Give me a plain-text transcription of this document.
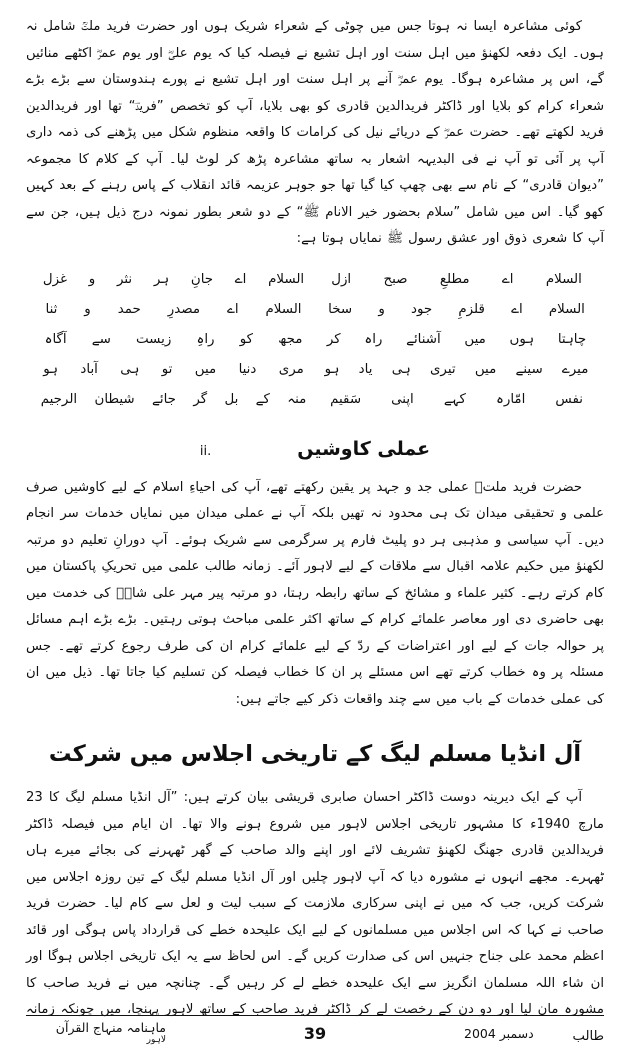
کوئی مشاعرہ ایسا نہ ہوتا جس میں چوٹی کے شعراء شریک ہوں اور حضرت فرید ملتؒ شامل نہ ہوں۔ ایک دفعہ لکھنؤ میں اہل سنت اور اہل تشیع نے فیصلہ کیا کہ یوم علیؓ اور یوم عمرؓ اکٹھے منائیں گے، اس پر مشاعرہ ہوگا۔ یوم عمرؓ آنے پر اہل سنت اور اہل تشیع نے پورے ہندوستان سے بڑے بڑے شعراء کرام کو بلایا اور ڈاکٹر فریدالدین قادری کو بھی بلایا، آپ کو تخصص ”فریدؔ“ تھا اور فریدالدین فرید لکھتے تھے۔ حضرت عمرؓ کے دریائے نیل کی کرامات کا واقعہ منظوم شکل میں پڑھنے کی ذمہ داری آپ پر آئی تو آپ نے فی البدیہہ اشعار بہ ساتھ مشاعرہ پڑھ کر لوٹ لیا۔ آپ کے کلام کا مجموعہ ”دیوان قادری“ کے نام سے بھی چھپ کیا گیا تھا جو جوہر عزیمہ قائد انقلاب کے پاس رہنے کے بعد کہیں کھو گیا۔ اس میں شامل ”سلام بحضور خیر الانام ﷺ“ کے دو شعر بطور نمونہ درج ذیل ہیں، جن سے آپ کا شعری ذوق اور عشق رسول ﷺ نمایاں ہوتا ہے:

السلام
اے
مطلعِ
صبح
ازل
السلام
اے
جانِ
ہر
نثر
و
غزل
السلام
اے
قلزمِ
جود
و
سخا
السلام
اے
مصدرِ
حمد
و
ثنا
چاہتا
ہوں
میں
آشنائے
راہ
کر
مجھ
کو
راہِ
زیست
سے
آگاہ
میرے
سینے
میں
تیری
ہی
یاد
ہو
مری
دنیا
میں
تو
ہی
آباد
ہو
نفس
امّارہ
کہے
اپنی
سَقیم
منہ
کے
بل
گر
جائے
شیطان
الرجیم
عملی کاوشیں
ii.

حضرت فرید ملتؒ عملی جد و جہد پر یقین رکھتے تھے، آپ کی احیاءِ اسلام کے لیے کاوشیں صرف علمی و تحقیقی میدان تک ہی محدود نہ تھیں بلکہ آپ نے عملی میدان میں نمایاں خدمات سر انجام دیں۔ آپ سیاسی و مذہبی ہر دو پلیٹ فارم پر سرگرمی سے شریک ہوئے۔ آپ دورانِ تعلیم دو مرتبہ لکھنؤ میں حکیم علامہ اقبال سے ملاقات کے لیے لاہور آئے۔ زمانہ طالب علمی میں تحریکِ پاکستان میں کام کرتے رہے۔ کثیر علماء و مشائخ کے ساتھ رابطہ رہتا، دو مرتبہ پیر مہر علی شاہؒ کی خدمت میں بھی حاضری دی اور معاصر علمائے کرام کے ساتھ اکثر علمی مباحث ہوتی رہتیں۔ بڑے بڑے اہم مسائل پر حوالہ جات کے لیے اور اعتراضات کے ردّ کے لیے علمائے کرام ان کی طرف رجوع کرتے تھے۔ جس مسئلہ پر وہ خطاب کرتے تھے اس مسئلے پر ان کا خطاب فیصلہ کن تسلیم کیا جاتا تھا۔ ذیل میں ان کی عملی خدمات کے باب میں سے چند واقعات ذکر کیے جاتے ہیں:

آل انڈیا مسلم لیگ کے تاریخی اجلاس میں شرکت

آپ کے ایک دیرینہ دوست ڈاکٹر احسان صابری قریشی بیان کرتے ہیں: ”آل انڈیا مسلم لیگ کا 23 مارچ 1940ء کا مشہور تاریخی اجلاس لاہور میں شروع ہونے والا تھا۔ ان ایام میں فیصلہ ڈاکٹر فریدالدین قادری جھنگ لکھنؤ تشریف لائے اور اپنے والد صاحب کے گھر ٹھہرنے کی بجائے میرے ہاں ٹھہرے۔ مجھے انہوں نے مشورہ دیا کہ آپ لاہور چلیں اور آل انڈیا مسلم لیگ کے تین روزہ اجلاس میں شرکت کریں، جب کہ میں نے اپنی سرکاری ملازمت کے سبب لیت و لعل سے کام لیا۔ حضرت فرید صاحب نے کہا کہ اس اجلاس میں مسلمانوں کے لیے ایک علیحدہ خطے کی قرارداد پاس ہوگی اور قائد اعظم محمد علی جناح جنہیں اس کی صدارت کریں گے۔ اس لحاظ سے یہ ایک تاریخی اجلاس ہوگا اور ان شاء اللہ مسلمان انگریز سے ایک علیحدہ خطے لے کر رہیں گے۔ چنانچہ میں نے فرید صاحب کا مشورہ مان لیا اور دو دن کے رخصت لے کر ڈاکٹر فرید صاحب کے ساتھ لاہور پہنچا، میں چونکہ زمانہ طالب

دسمبر 2004
39
ماہنامہ منہاج القرآن
لاہور
